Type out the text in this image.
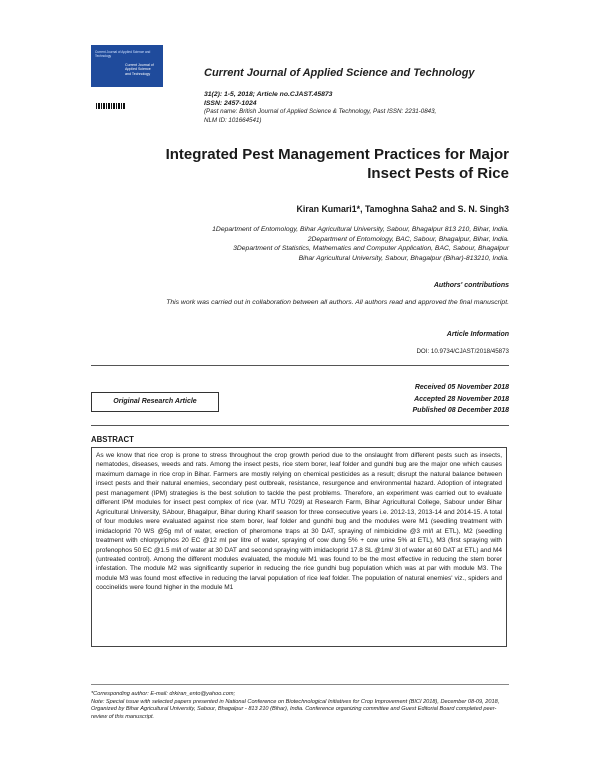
Current Journal of Applied Science and Technology
Current Journal of
Applied Science
and Technology	Current Journal of Applied Science and Technology
31(2): 1-5, 2018; Article no.CJAST.45873
ISSN: 2457-1024
(Past name: British Journal of Applied Science & Technology, Past ISSN: 2231-0843,
NLM ID: 101664541)
Integrated Pest Management Practices for Major
Insect Pests of Rice
Kiran Kumari1*, Tamoghna Saha2 and S. N. Singh3
1Department of Entomology, Bihar Agricultural University, Sabour, Bhagalpur 813 210, Bihar, India.
2Department of Entomology, BAC, Sabour, Bhagalpur, Bihar, India.
3Department of Statistics, Mathematics and Computer Application, BAC, Sabour, Bhagalpur
Bihar Agricultural University, Sabour, Bhagalpur (Bihar)-813210, India.
Authors' contributions
This work was carried out in collaboration between all authors. All authors read and approved the final manuscript.
Article Information
DOI: 10.9734/CJAST/2018/45873
Received 05 November 2018
Accepted 28 November 2018
Published 08 December 2018
Original Research Article
ABSTRACT
As we know that rice crop is prone to stress throughout the crop growth period due to the onslaught from different pests such as insects, nematodes, diseases, weeds and rats. Among the insect pests, rice stem borer, leaf folder and gundhi bug are the major one which causes maximum damage in rice crop in Bihar. Farmers are mostly relying on chemical pesticides as a result; disrupt the natural balance between insect pests and their natural enemies, secondary pest outbreak, resistance, resurgence and environmental hazard. Adoption of integrated pest management (IPM) strategies is the best solution to tackle the pest problems. Therefore, an experiment was carried out to evaluate different IPM modules for insect pest complex of rice (var. MTU 7029) at Research Farm, Bihar Agricultural College, Sabour under Bihar Agricultural University, SAbour, Bhagalpur, Bihar during Kharif season for three consecutive years i.e. 2012-13, 2013-14 and 2014-15. A total of four modules were evaluated against rice stem borer, leaf folder and gundhi bug and the modules were M1 (seedling treatment with imidacloprid 70 WS @5g m/l of water, erection of pheromone traps at 30 DAT, spraying of nimbicidine @3 ml/l at ETL), M2 (seedling treatment with chlorpyriphos 20 EC @12 ml per litre of water, spraying of cow dung 5% + cow urine 5% at ETL), M3 (first spraying with profenophos 50 EC @1.5 ml/l of water at 30 DAT and second spraying with imidacloprid 17.8 SL @1ml/ 3l of water at 60 DAT at ETL) and M4 (untreated control). Among the different modules evaluated, the module M1 was found to be the most effective in reducing the stem borer infestation. The module M2 was significantly superior in reducing the rice gundhi bug population which was at par with module M3. The module M3 was found most effective in reducing the larval population of rice leaf folder. The population of natural enemies' viz., spiders and coccinelids were found higher in the module M1
*Corresponding author: E-mail: drkiran_ento@yahoo.com;
Note: Special issue with selected papers presented in National Conference on Biotechnological Initiatives for Crop Improvement (BICI 2018), December 08-09, 2018, Organized by Bihar Agricultural University, Sabour, Bhagalpur - 813 210 (Bihar), India. Conference organizing committee and Guest Editorial Board completed peer-review of this manuscript.
